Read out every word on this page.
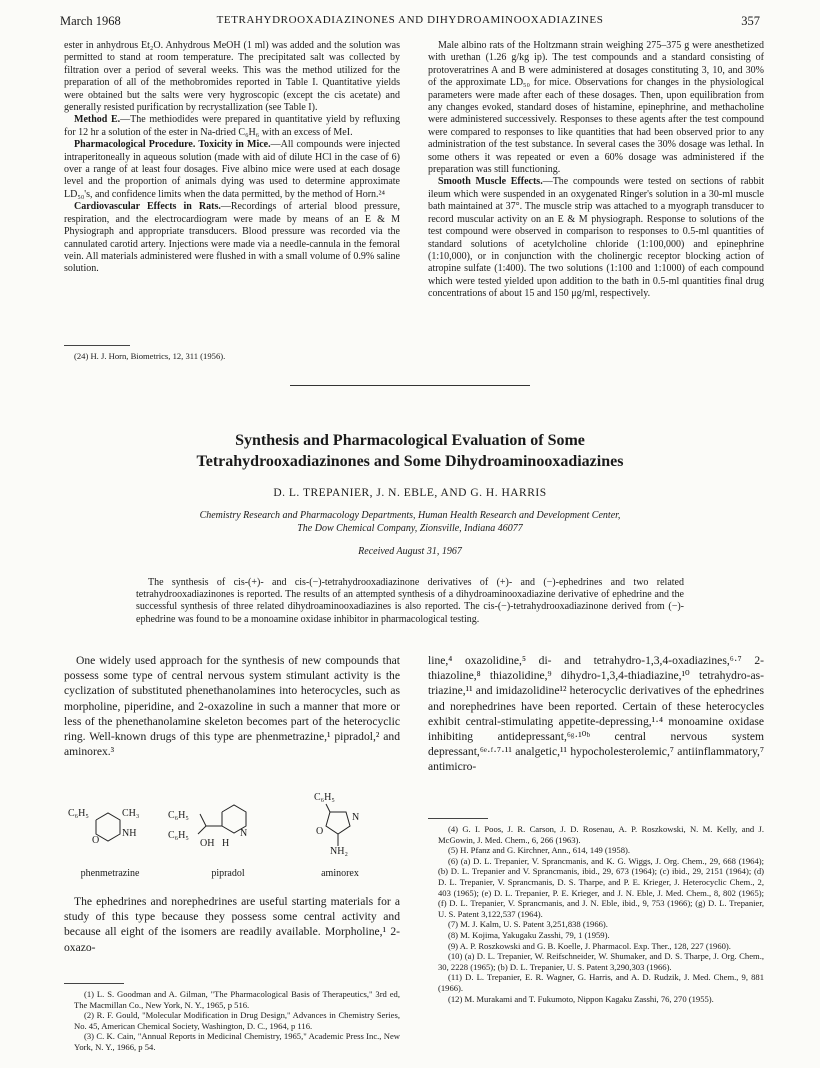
March 1968	TETRAHYDROOXADIAZINONES AND DIHYDROAMINOOXADIAZINES	357

ester in anhydrous Et₂O. Anhydrous MeOH (1 ml) was added and the solution was permitted to stand at room temperature. The precipitated salt was collected by filtration over a period of several weeks. This was the method utilized for the preparation of all of the methobromides reported in Table I. Quantitative yields were obtained but the salts were very hygroscopic (except the cis acetate) and generally resisted purification by recrystallization (see Table I).

Method E.—The methiodides were prepared in quantitative yield by refluxing for 12 hr a solution of the ester in Na-dried C₆H₆ with an excess of MeI.

Pharmacological Procedure. Toxicity in Mice.—All compounds were injected intraperitoneally in aqueous solution (made with aid of dilute HCl in the case of 6) over a range of at least four dosages. Five albino mice were used at each dosage level and the proportion of animals dying was used to determine approximate LD₅₀'s, and confidence limits when the data permitted, by the method of Horn.²⁴

Cardiovascular Effects in Rats.—Recordings of arterial blood pressure, respiration, and the electrocardiogram were made by means of an E & M Physiograph and appropriate transducers. Blood pressure was recorded via the cannulated carotid artery. Injections were made via a needle-cannula in the femoral vein. All materials administered were flushed in with a small volume of 0.9% saline solution.

(24) H. J. Horn, Biometrics, 12, 311 (1956).

Male albino rats of the Holtzmann strain weighing 275–375 g were anesthetized with urethan (1.26 g/kg ip). The test compounds and a standard consisting of protoveratrines A and B were administered at dosages constituting 3, 10, and 30% of the approximate LD₅₀ for mice. Observations for changes in the physiological parameters were made after each of these dosages. Then, upon equilibration from any changes evoked, standard doses of histamine, epinephrine, and methacholine were administered successively. Responses to these agents after the test compound were compared to responses to like quantities that had been observed prior to any administration of the test substance. In several cases the 30% dosage was lethal. In some others it was repeated or even a 60% dosage was administered if the preparation was still functioning.

Smooth Muscle Effects.—The compounds were tested on sections of rabbit ileum which were suspended in an oxygenated Ringer's solution in a 30-ml muscle bath maintained at 37°. The muscle strip was attached to a myograph transducer to record muscular activity on an E & M physiograph. Response to solutions of the test compound were observed in comparison to responses to 0.5-ml quantities of standard solutions of acetylcholine chloride (1:100,000) and epinephrine (1:10,000), or in conjunction with the cholinergic receptor blocking action of atropine sulfate (1:400). The two solutions (1:100 and 1:1000) of each compound which were tested yielded upon addition to the bath in 0.5-ml quantities final drug concentrations of about 15 and 150 μg/ml, respectively.

Synthesis and Pharmacological Evaluation of Some
Tetrahydrooxadiazinones and Some Dihydroaminooxadiazines
D. L. TREPANIER, J. N. EBLE, AND G. H. HARRIS
Chemistry Research and Pharmacology Departments, Human Health Research and Development Center,
The Dow Chemical Company, Zionsville, Indiana 46077
Received August 31, 1967

The synthesis of cis-(+)- and cis-(−)-tetrahydrooxadiazinone derivatives of (+)- and (−)-ephedrines and two related tetrahydrooxadiazinones is reported. The results of an attempted synthesis of a dihydroaminooxadiazine derivative of ephedrine and the successful synthesis of three related dihydroaminooxadiazines is also reported. The cis-(−)-tetrahydrooxadiazinone derived from (−)-ephedrine was found to be a monoamine oxidase inhibitor in pharmacological testing.

One widely used approach for the synthesis of new compounds that possess some type of central nervous system stimulant activity is the cyclization of substituted phenethanolamines into heterocycles, such as morpholine, piperidine, and 2-oxazoline in such a manner that more or less of the phenethanolamine skeleton becomes part of the heterocyclic ring. Well-known drugs of this type are phenmetrazine,¹ pipradol,² and aminorex.³

C₆H₅	CH₃
O
NH
C₆H₅
C₆H₅
OH H
N
C₆H₅
O
N
NH₂
phenmetrazine	pipradol	aminorex

The ephedrines and norephedrines are useful starting materials for a study of this type because they possess some central activity and because all eight of the isomers are readily available. Morpholine,¹ 2-oxazo-

(1) L. S. Goodman and A. Gilman, "The Pharmacological Basis of Therapeutics," 3rd ed, The Macmillan Co., New York, N. Y., 1965, p 516.

(2) R. F. Gould, "Molecular Modification in Drug Design," Advances in Chemistry Series, No. 45, American Chemical Society, Washington, D. C., 1964, p 116.

(3) C. K. Cain, "Annual Reports in Medicinal Chemistry, 1965," Academic Press Inc., New York, N. Y., 1966, p 54.

line,⁴ oxazolidine,⁵ di- and tetrahydro-1,3,4-oxadiazines,⁶·⁷ 2-thiazoline,⁸ thiazolidine,⁹ dihydro-1,3,4-thiadiazine,¹⁰ tetrahydro-as-triazine,¹¹ and imidazolidine¹² heterocyclic derivatives of the ephedrines and norephedrines have been reported. Certain of these heterocycles exhibit central-stimulating appetite-depressing,¹·⁴ monoamine oxidase inhibiting antidepressant,⁶ᵍ·¹⁰ᵇ central nervous system depressant,⁶ᵉ·ᶠ·⁷·¹¹ analgetic,¹¹ hypocholesterolemic,⁷ antiinflammatory,⁷ antimicro-

(4) G. I. Poos, J. R. Carson, J. D. Rosenau, A. P. Roszkowski, N. M. Kelly, and J. McGowin, J. Med. Chem., 6, 266 (1963).

(5) H. Pfanz and G. Kirchner, Ann., 614, 149 (1958).

(6) (a) D. L. Trepanier, V. Sprancmanis, and K. G. Wiggs, J. Org. Chem., 29, 668 (1964); (b) D. L. Trepanier and V. Sprancmanis, ibid., 29, 673 (1964); (c) ibid., 29, 2151 (1964); (d) D. L. Trepanier, V. Sprancmanis, D. S. Tharpe, and P. E. Krieger, J. Heterocyclic Chem., 2, 403 (1965); (e) D. L. Trepanier, P. E. Krieger, and J. N. Eble, J. Med. Chem., 8, 802 (1965); (f) D. L. Trepanier, V. Sprancmanis, and J. N. Eble, ibid., 9, 753 (1966); (g) D. L. Trepanier, U. S. Patent 3,122,537 (1964).

(7) M. J. Kalm, U. S. Patent 3,251,838 (1966).

(8) M. Kojima, Yakugaku Zasshi, 79, 1 (1959).

(9) A. P. Roszkowski and G. B. Koelle, J. Pharmacol. Exp. Ther., 128, 227 (1960).

(10) (a) D. L. Trepanier, W. Reifschneider, W. Shumaker, and D. S. Tharpe, J. Org. Chem., 30, 2228 (1965); (b) D. L. Trepanier, U. S. Patent 3,290,303 (1966).

(11) D. L. Trepanier, E. R. Wagner, G. Harris, and A. D. Rudzik, J. Med. Chem., 9, 881 (1966).

(12) M. Murakami and T. Fukumoto, Nippon Kagaku Zasshi, 76, 270 (1955).
